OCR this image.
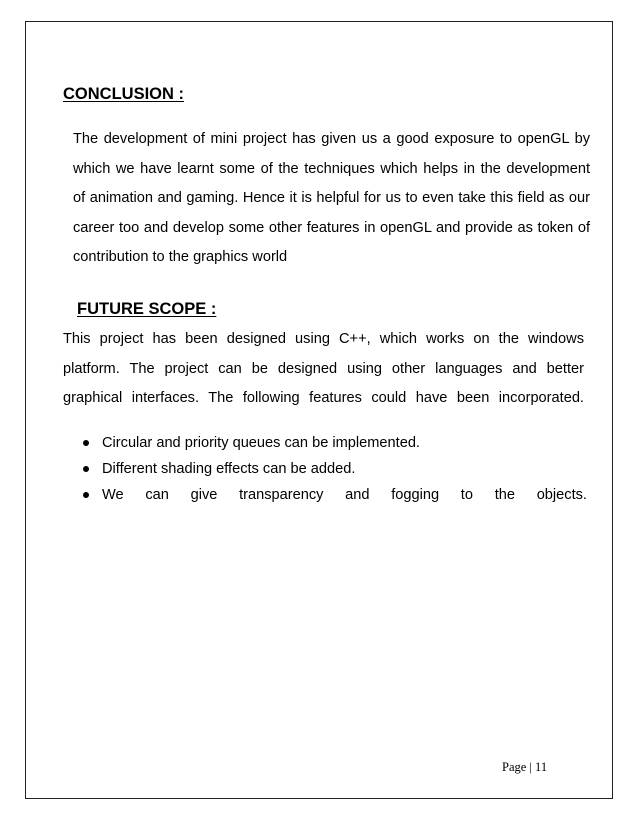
CONCLUSION :
The development of mini project has given us a good exposure to openGL by
which we have learnt some of the techniques which helps in the development
of animation and gaming. Hence it is helpful for us to even take this field as our
career too and develop some other features in openGL and provide as token of
contribution to the graphics world
FUTURE SCOPE :
This project has been designed using C++, which works on the windows
platform. The project can be designed using other languages and better
graphical interfaces. The following features could have been incorporated.
Circular and priority queues can be implemented.
Different shading effects can be added.
We can give transparency and fogging to the objects.
Page | 11
